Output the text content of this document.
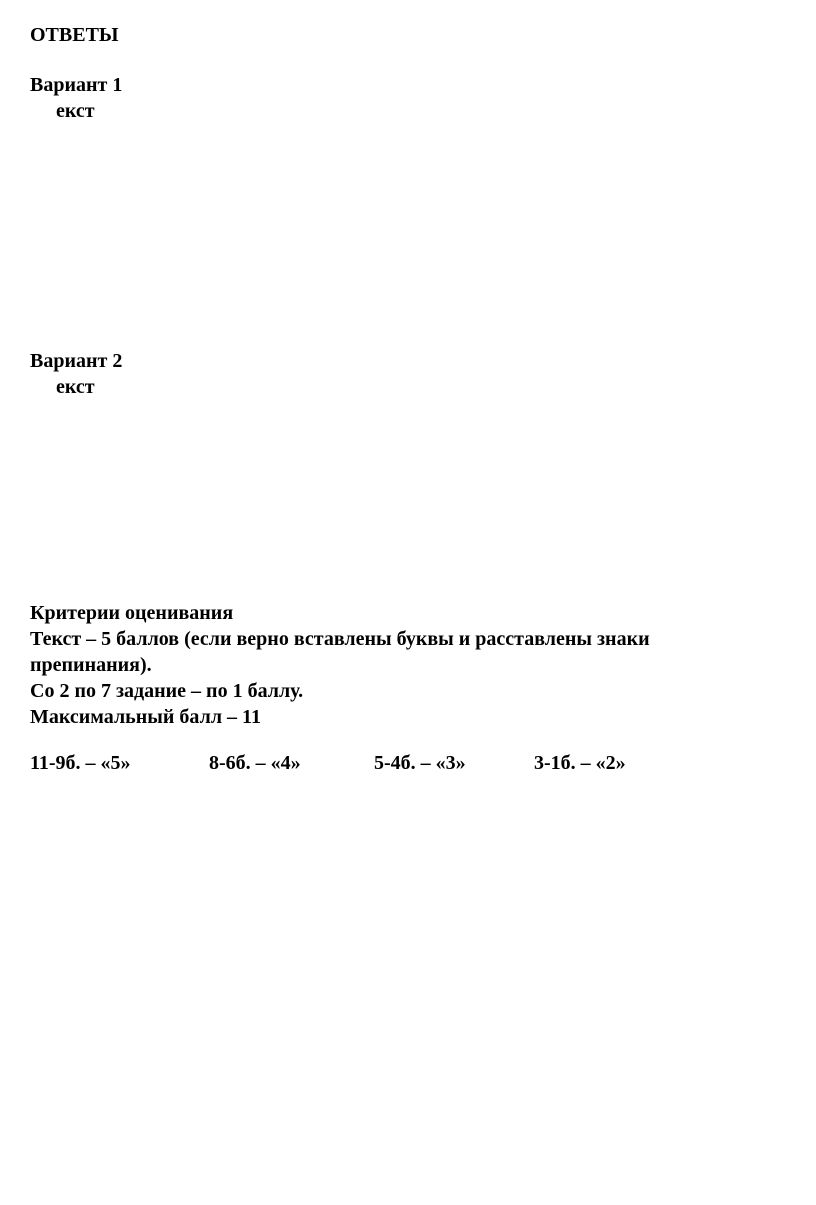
ОТВЕТЫ
Вариант 1
екст
Вариант 2
екст
Критерии оценивания
Текст – 5 баллов (если верно вставлены буквы и расставлены знаки
препинания).
Со 2 по 7 задание – по 1 баллу.
Максимальный балл – 11
11-9б. – «5»	8-6б. – «4»	5-4б. – «3»	3-1б. – «2»
